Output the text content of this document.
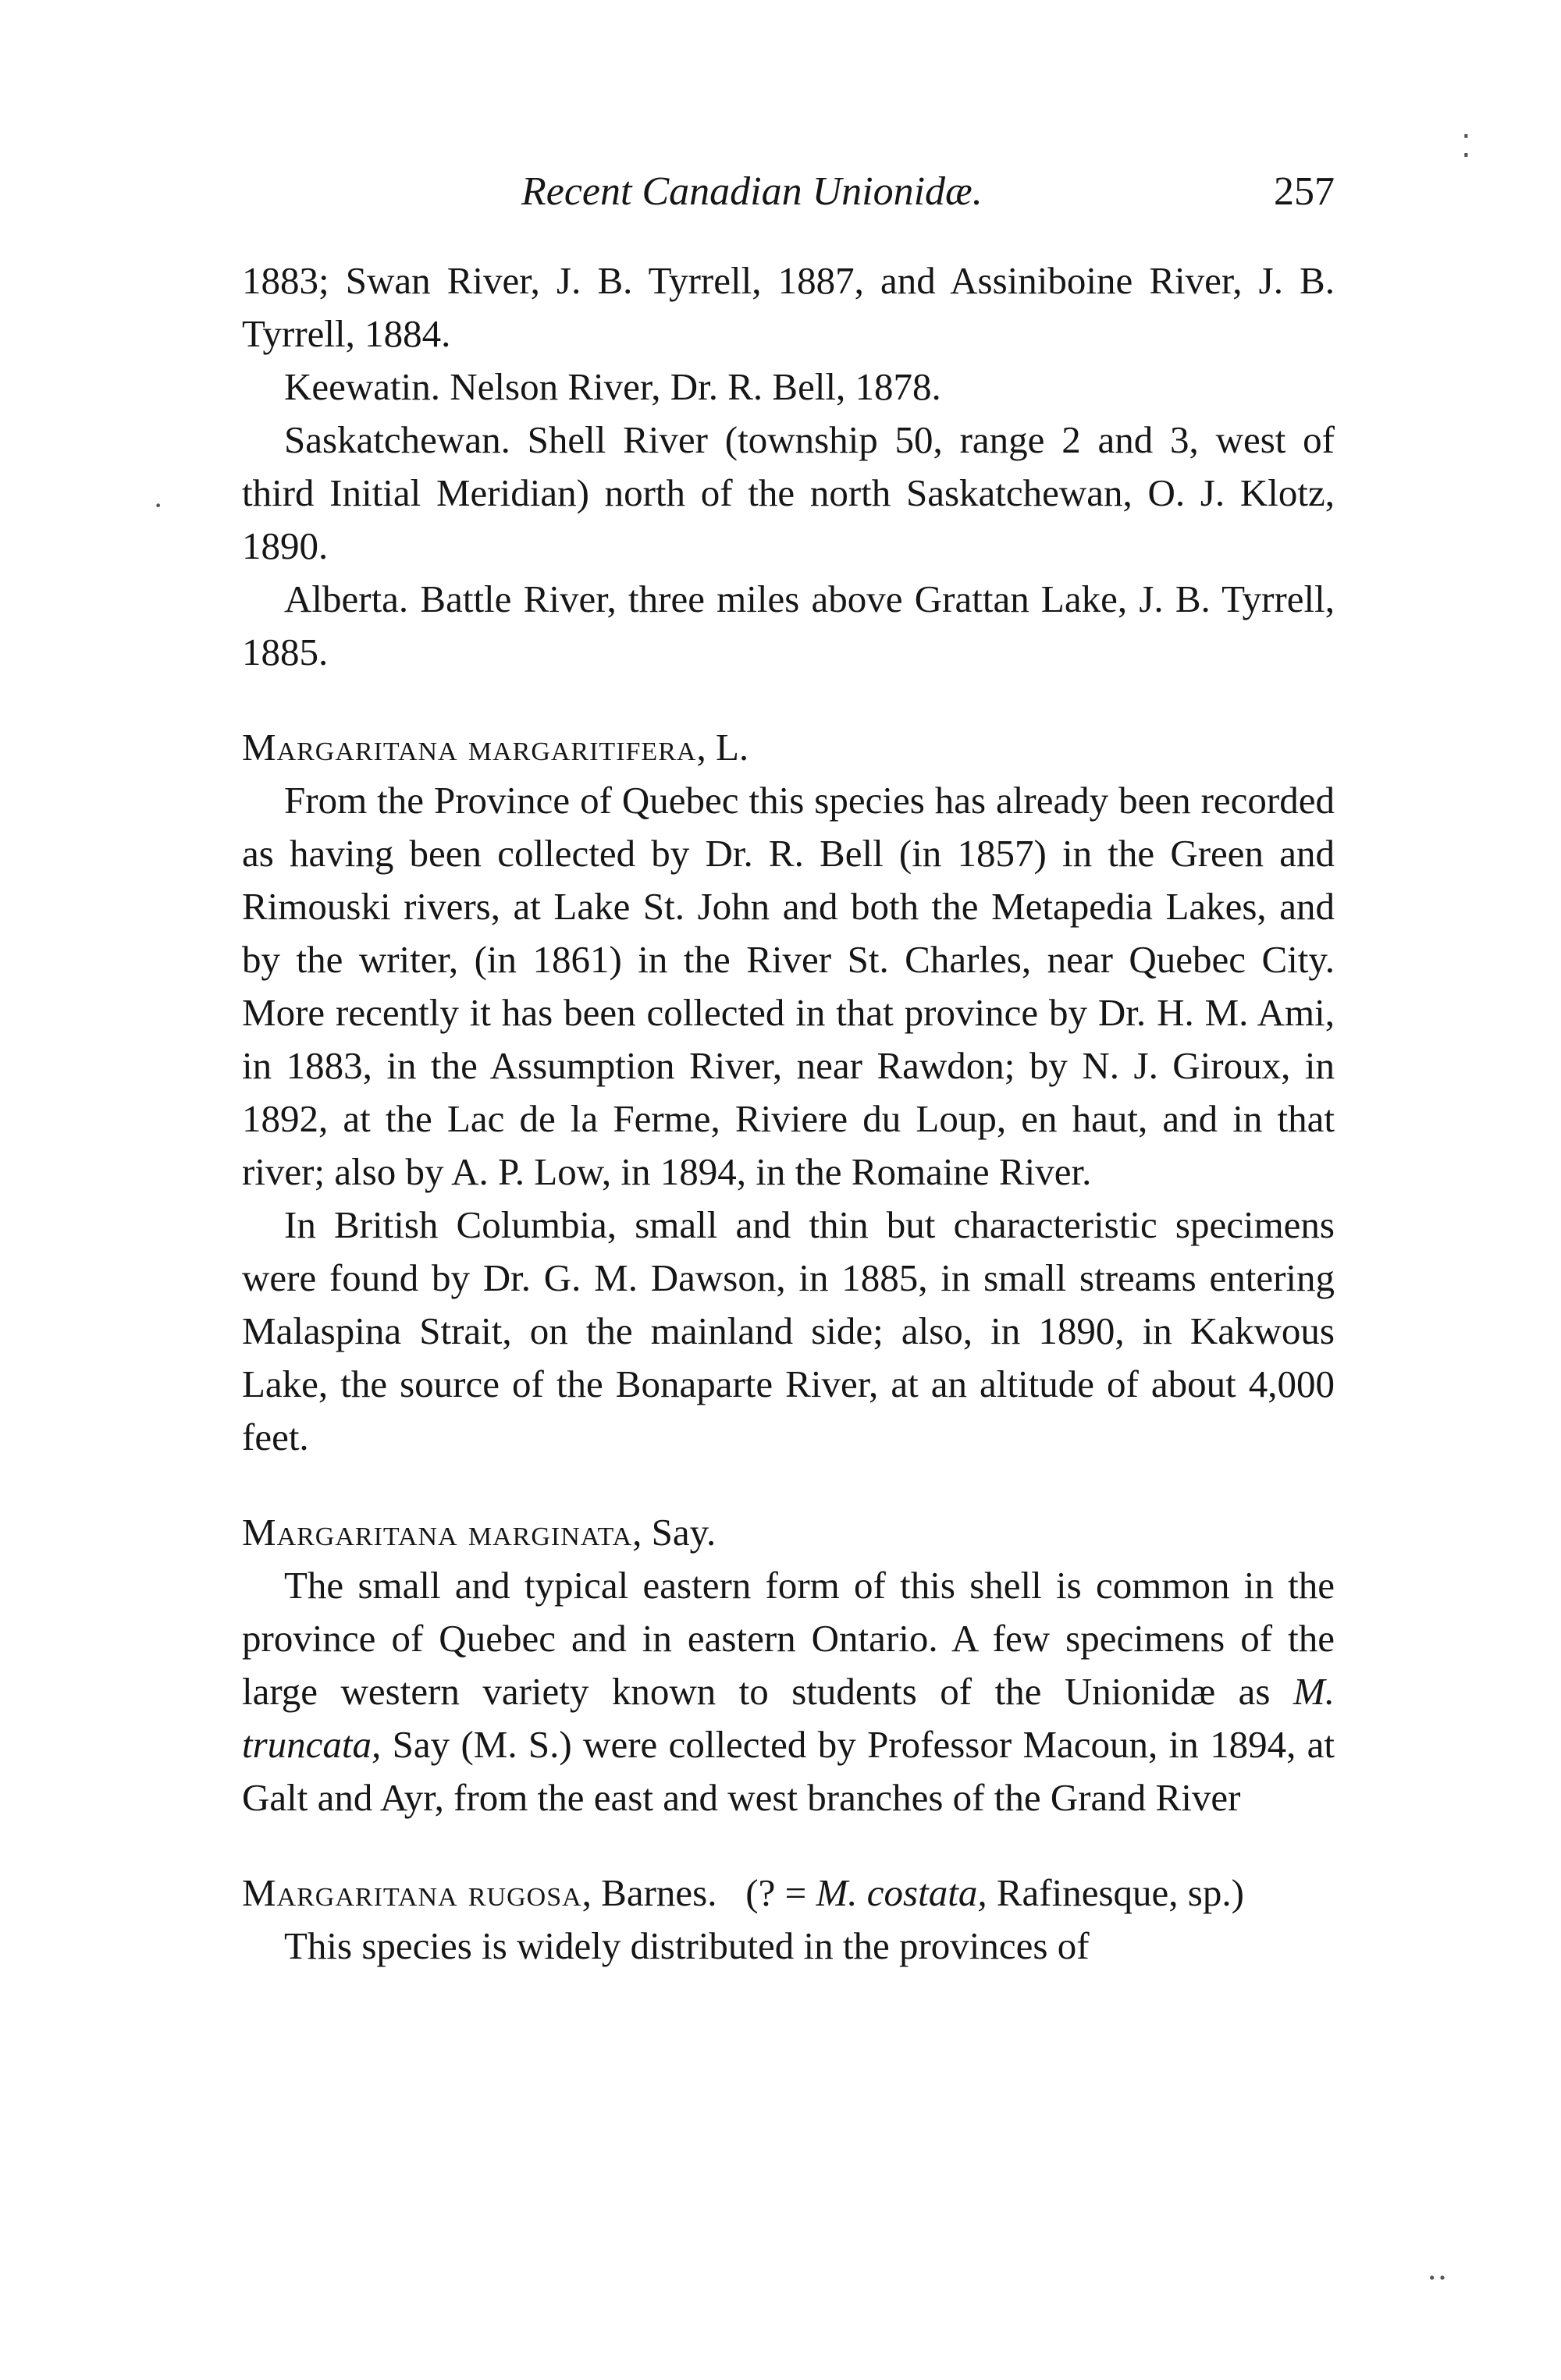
Recent Canadian Unionidæ.	257

1883; Swan River, J. B. Tyrrell, 1887, and Assiniboine River, J. B. Tyrrell, 1884.

Keewatin. Nelson River, Dr. R. Bell, 1878.

Saskatchewan. Shell River (township 50, range 2 and 3, west of third Initial Meridian) north of the north Saskatchewan, O. J. Klotz, 1890.

Alberta. Battle River, three miles above Grattan Lake, J. B. Tyrrell, 1885.

Margaritana margaritifera, L.

From the Province of Quebec this species has already been recorded as having been collected by Dr. R. Bell (in 1857) in the Green and Rimouski rivers, at Lake St. John and both the Metapedia Lakes, and by the writer, (in 1861) in the River St. Charles, near Quebec City. More recently it has been collected in that province by Dr. H. M. Ami, in 1883, in the Assumption River, near Rawdon; by N. J. Giroux, in 1892, at the Lac de la Ferme, Riviere du Loup, en haut, and in that river; also by A. P. Low, in 1894, in the Romaine River.

In British Columbia, small and thin but characteristic specimens were found by Dr. G. M. Dawson, in 1885, in small streams entering Malaspina Strait, on the mainland side; also, in 1890, in Kakwous Lake, the source of the Bonaparte River, at an altitude of about 4,000 feet.

Margaritana marginata, Say.

The small and typical eastern form of this shell is common in the province of Quebec and in eastern Ontario. A few specimens of the large western variety known to students of the Unionidæ as M. truncata, Say (M. S.) were collected by Professor Macoun, in 1894, at Galt and Ayr, from the east and west branches of the Grand River

Margaritana rugosa, Barnes. (? = M. costata, Rafinesque, sp.)

This species is widely distributed in the provinces of

⁚
·
‥
